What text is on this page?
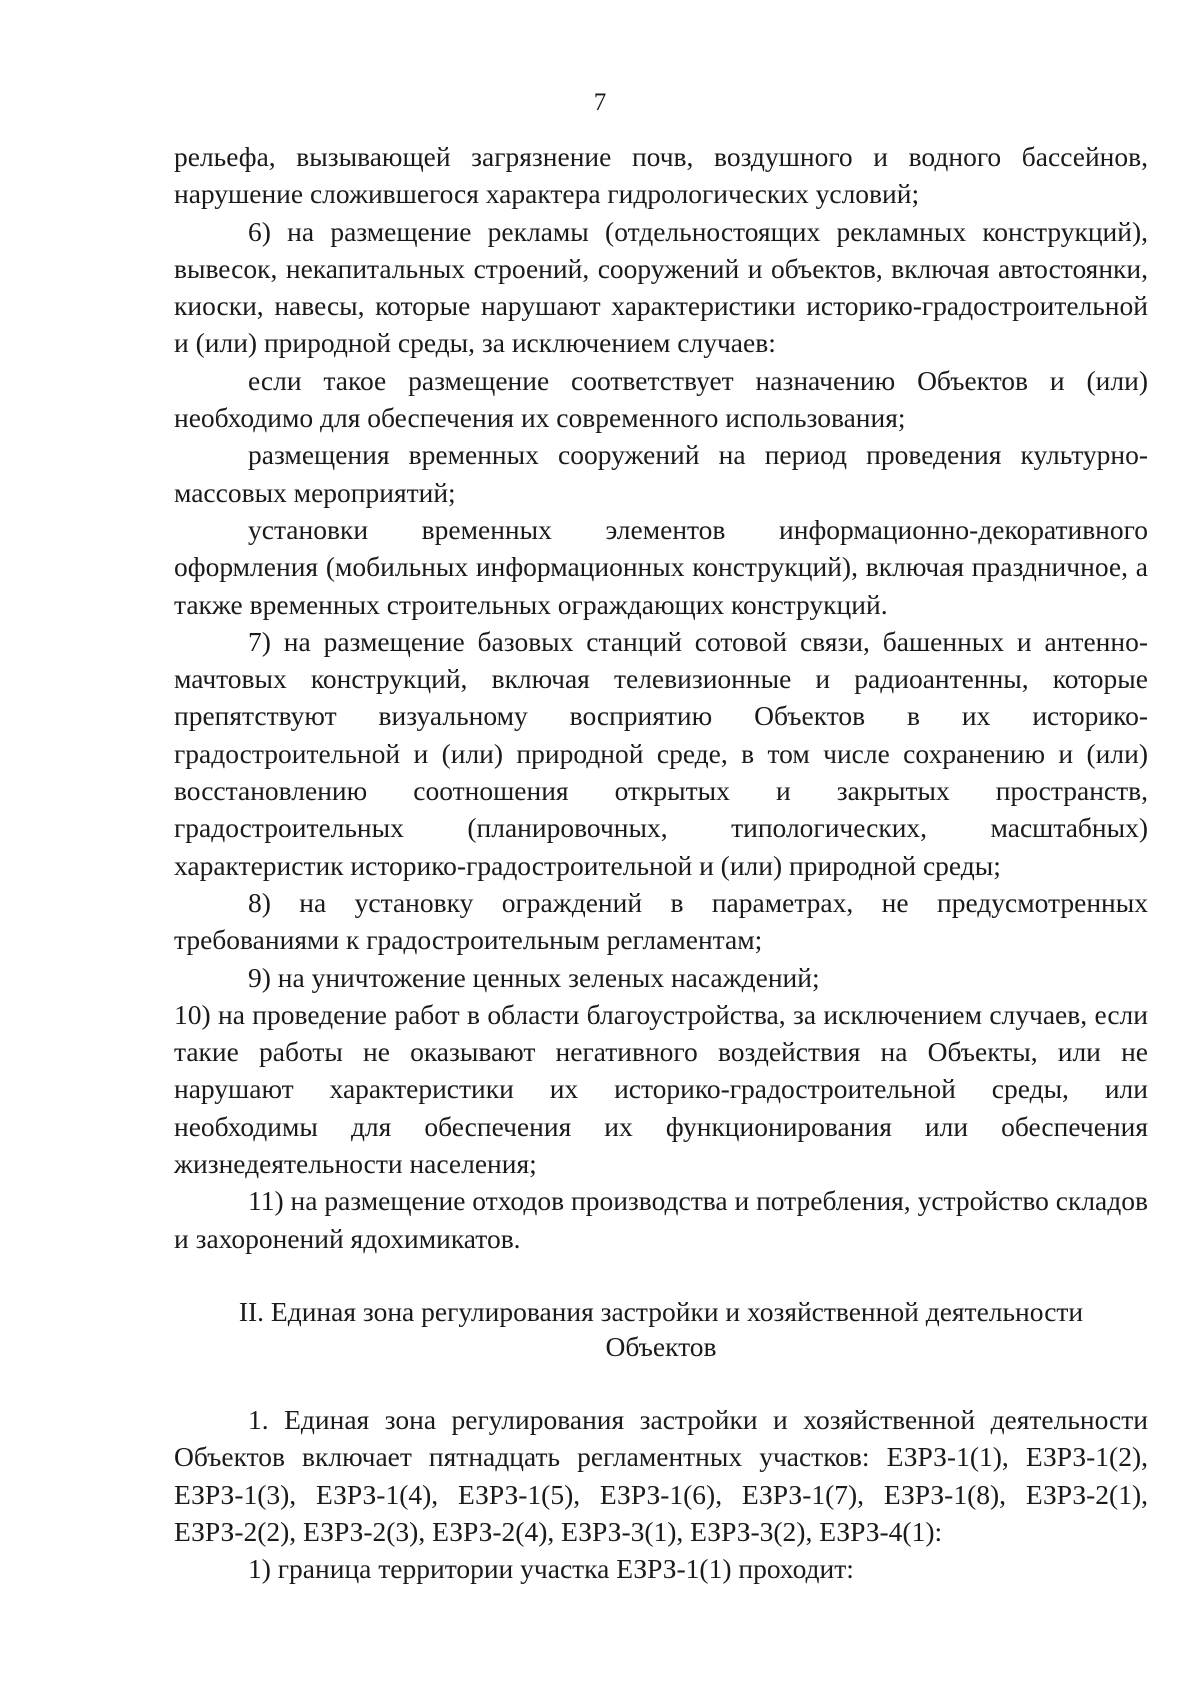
7

рельефа, вызывающей загрязнение почв, воздушного и водного бассейнов, нарушение сложившегося характера гидрологических условий;

6) на размещение рекламы (отдельностоящих рекламных конструкций), вывесок, некапитальных строений, сооружений и объектов, включая автостоянки, киоски, навесы, которые нарушают характеристики историко-градостроительной и (или) природной среды, за исключением случаев:

если такое размещение соответствует назначению Объектов и (или) необходимо для обеспечения их современного использования;

размещения временных сооружений на период проведения культурно-массовых мероприятий;

установки временных элементов информационно-декоративного оформления (мобильных информационных конструкций), включая праздничное, а также временных строительных ограждающих конструкций.

7) на размещение базовых станций сотовой связи, башенных и антенно-мачтовых конструкций, включая телевизионные и радиоантенны, которые препятствуют визуальному восприятию Объектов в их историко-градостроительной и (или) природной среде, в том числе сохранению и (или) восстановлению соотношения открытых и закрытых пространств, градостроительных (планировочных, типологических, масштабных) характеристик историко-градостроительной и (или) природной среды;

8) на установку ограждений в параметрах, не предусмотренных требованиями к градостроительным регламентам;

9) на уничтожение ценных зеленых насаждений;

10) на проведение работ в области благоустройства, за исключением случаев, если такие работы не оказывают негативного воздействия на Объекты, или не нарушают характеристики их историко-градостроительной среды, или необходимы для обеспечения их функционирования или обеспечения жизнедеятельности населения;

11) на размещение отходов производства и потребления, устройство складов и захоронений ядохимикатов.

II. Единая зона регулирования застройки и хозяйственной деятельности Объектов

1. Единая зона регулирования застройки и хозяйственной деятельности Объектов включает пятнадцать регламентных участков: ЕЗРЗ-1(1), ЕЗРЗ-1(2), ЕЗРЗ-1(3), ЕЗРЗ-1(4), ЕЗРЗ-1(5), ЕЗРЗ-1(6), ЕЗРЗ-1(7), ЕЗРЗ-1(8), ЕЗРЗ-2(1), ЕЗРЗ-2(2), ЕЗРЗ-2(3), ЕЗРЗ-2(4), ЕЗРЗ-3(1), ЕЗРЗ-3(2), ЕЗРЗ-4(1):

1) граница территории участка ЕЗРЗ-1(1) проходит:
